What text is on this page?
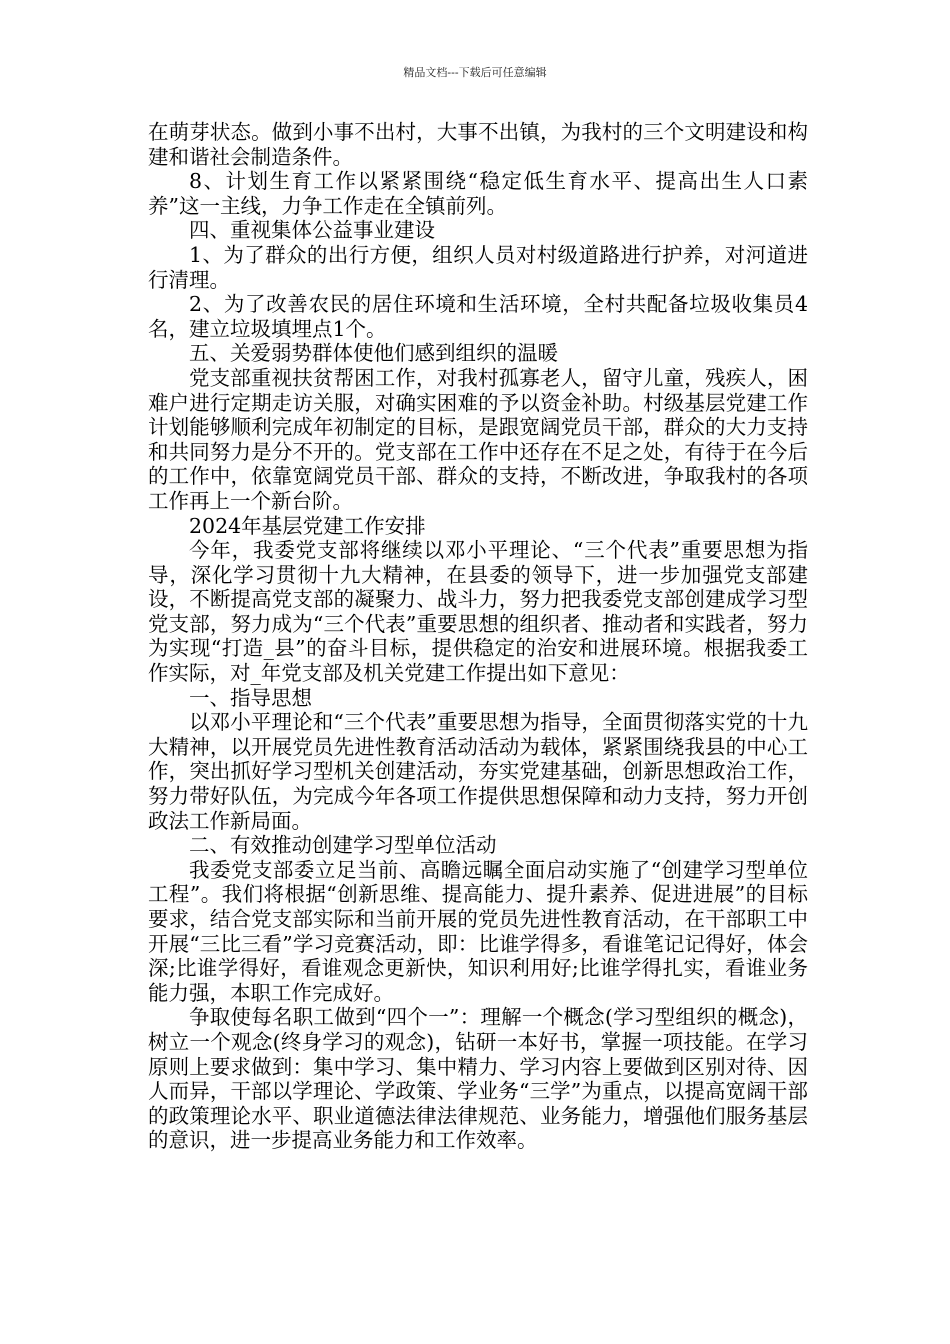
精品文档---下载后可任意编辑

在萌芽状态。做到小事不出村，大事不出镇，为我村的三个文明建设和构建和谐社会制造条件。

8、计划生育工作以紧紧围绕“稳定低生育水平、提高出生人口素养”这一主线，力争工作走在全镇前列。

四、重视集体公益事业建设

1、为了群众的出行方便，组织人员对村级道路进行护养，对河道进行清理。

2、为了改善农民的居住环境和生活环境，全村共配备垃圾收集员4名，建立垃圾填埋点1个。

五、关爱弱势群体使他们感到组织的温暖

党支部重视扶贫帮困工作，对我村孤寡老人，留守儿童，残疾人，困难户进行定期走访关服，对确实困难的予以资金补助。村级基层党建工作计划能够顺利完成年初制定的目标，是跟宽阔党员干部，群众的大力支持和共同努力是分不开的。党支部在工作中还存在不足之处，有待于在今后的工作中，依靠宽阔党员干部、群众的支持，不断改进，争取我村的各项工作再上一个新台阶。

2024年基层党建工作安排

今年，我委党支部将继续以邓小平理论、“三个代表”重要思想为指导，深化学习贯彻十九大精神，在县委的领导下，进一步加强党支部建设，不断提高党支部的凝聚力、战斗力，努力把我委党支部创建成学习型党支部，努力成为“三个代表”重要思想的组织者、推动者和实践者，努力为实现“打造_县”的奋斗目标，提供稳定的治安和进展环境。根据我委工作实际，对_年党支部及机关党建工作提出如下意见：

一、指导思想

以邓小平理论和“三个代表”重要思想为指导，全面贯彻落实党的十九大精神，以开展党员先进性教育活动活动为载体，紧紧围绕我县的中心工作，突出抓好学习型机关创建活动，夯实党建基础，创新思想政治工作，努力带好队伍，为完成今年各项工作提供思想保障和动力支持，努力开创政法工作新局面。

二、有效推动创建学习型单位活动

我委党支部委立足当前、高瞻远瞩全面启动实施了“创建学习型单位工程”。我们将根据“创新思维、提高能力、提升素养、促进进展”的目标要求，结合党支部实际和当前开展的党员先进性教育活动，在干部职工中开展“三比三看”学习竞赛活动，即：比谁学得多，看谁笔记记得好，体会深;比谁学得好，看谁观念更新快，知识利用好;比谁学得扎实，看谁业务能力强，本职工作完成好。

争取使每名职工做到“四个一”：理解一个概念(学习型组织的概念)，树立一个观念(终身学习的观念)，钻研一本好书，掌握一项技能。在学习原则上要求做到：集中学习、集中精力、学习内容上要做到区别对待、因人而异，干部以学理论、学政策、学业务“三学”为重点，以提高宽阔干部的政策理论水平、职业道德法律法律规范、业务能力，增强他们服务基层的意识，进一步提高业务能力和工作效率。
